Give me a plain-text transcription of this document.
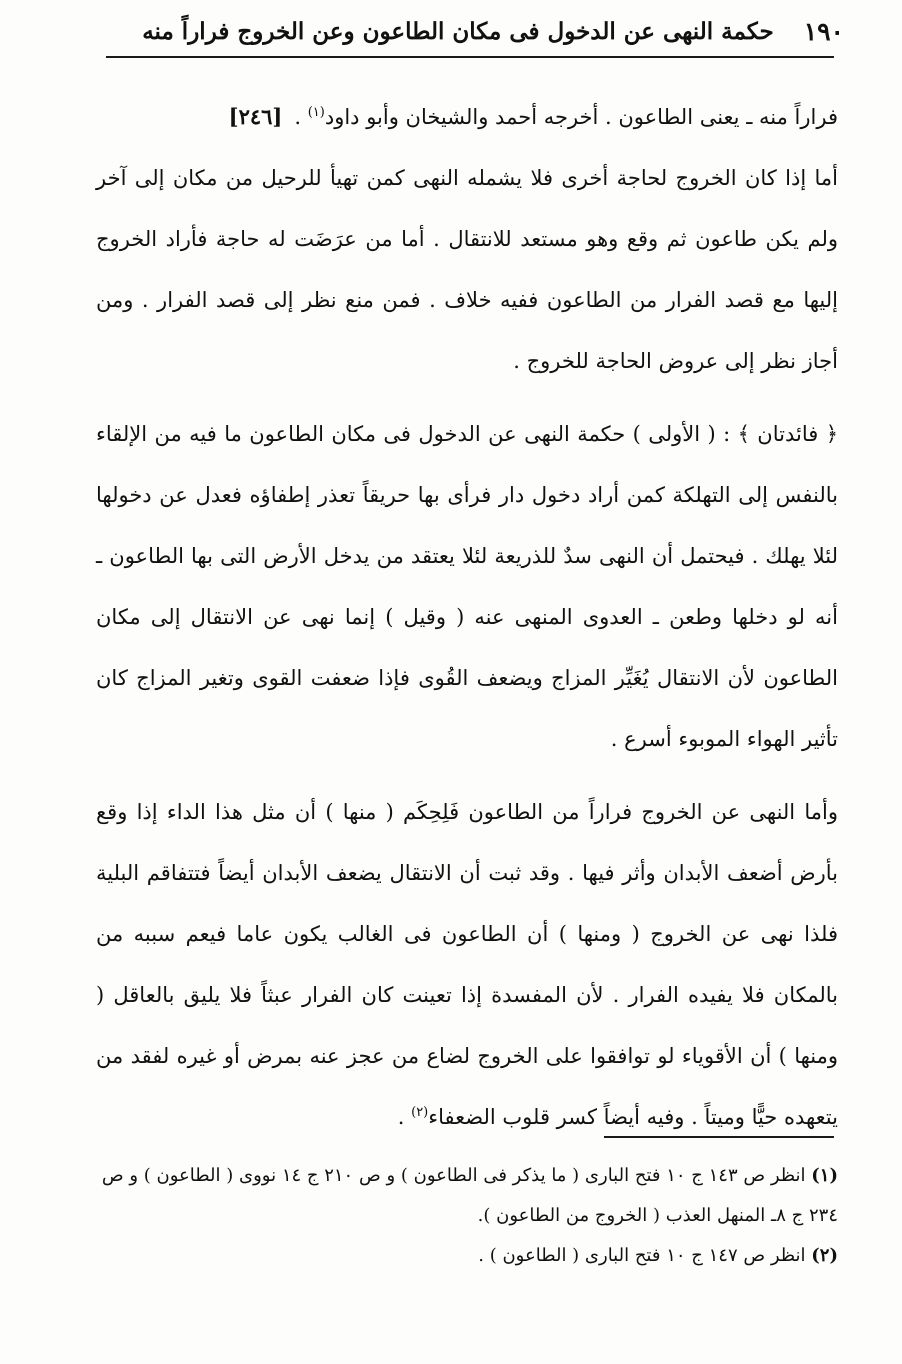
١٩٠
حكمة النهى عن الدخول فى مكان الطاعون وعن الخروج فراراً منه

فراراً منه ـ يعنى الطاعون . أخرجه أحمد والشيخان وأبو داود$^{(١)}$ .[٢٤٦]

أما إذا كان الخروج لحاجة أخرى فلا يشمله النهى كمن تهيأ للرحيل من مكان إلى آخر ولم يكن طاعون ثم وقع وهو مستعد للانتقال . أما من عرَضَت له حاجة فأراد الخروج إليها مع قصد الفرار من الطاعون ففيه خلاف . فمن منع نظر إلى قصد الفرار . ومن أجاز نظر إلى عروض الحاجة للخروج .

﴿ فائدتان ﴾ : ( الأولى ) حكمة النهى عن الدخول فى مكان الطاعون ما فيه من الإلقاء بالنفس إلى التهلكة كمن أراد دخول دار فرأى بها حريقاً تعذر إطفاؤه فعدل عن دخولها لئلا يهلك . فيحتمل أن النهى سدٌ للذريعة لئلا يعتقد من يدخل الأرض التى بها الطاعون ـ أنه لو دخلها وطعن ـ العدوى المنهى عنه ( وقيل ) إنما نهى عن الانتقال إلى مكان الطاعون لأن الانتقال يُغَيِّر المزاج ويضعف القُوى فإذا ضعفت القوى وتغير المزاج كان تأثير الهواء الموبوء أسرع .

وأما النهى عن الخروج فراراً من الطاعون فَلِحِكَم ( منها ) أن مثل هذا الداء إذا وقع بأرض أضعف الأبدان وأثر فيها . وقد ثبت أن الانتقال يضعف الأبدان أيضاً فتتفاقم البلية فلذا نهى عن الخروج ( ومنها ) أن الطاعون فى الغالب يكون عاما فيعم سببه من بالمكان فلا يفيده الفرار . لأن المفسدة إذا تعينت كان الفرار عبثاً فلا يليق بالعاقل ( ومنها ) أن الأقوياء لو توافقوا على الخروج لضاع من عجز عنه بمرض أو غيره لفقد من يتعهده حيًّا وميتاً . وفيه أيضاً كسر قلوب الضعفاء$^{(٢)}$ .

(١) انظر ص ١٤٣ ج ١٠ فتح البارى ( ما يذكر فى الطاعون ) و ص ٢١٠ ج ١٤ نووى ( الطاعون ) و ص ٢٣٤ ج ٨ـ المنهل العذب ( الخروج من الطاعون ).

(٢) انظر ص ١٤٧ ج ١٠ فتح البارى ( الطاعون ) .
